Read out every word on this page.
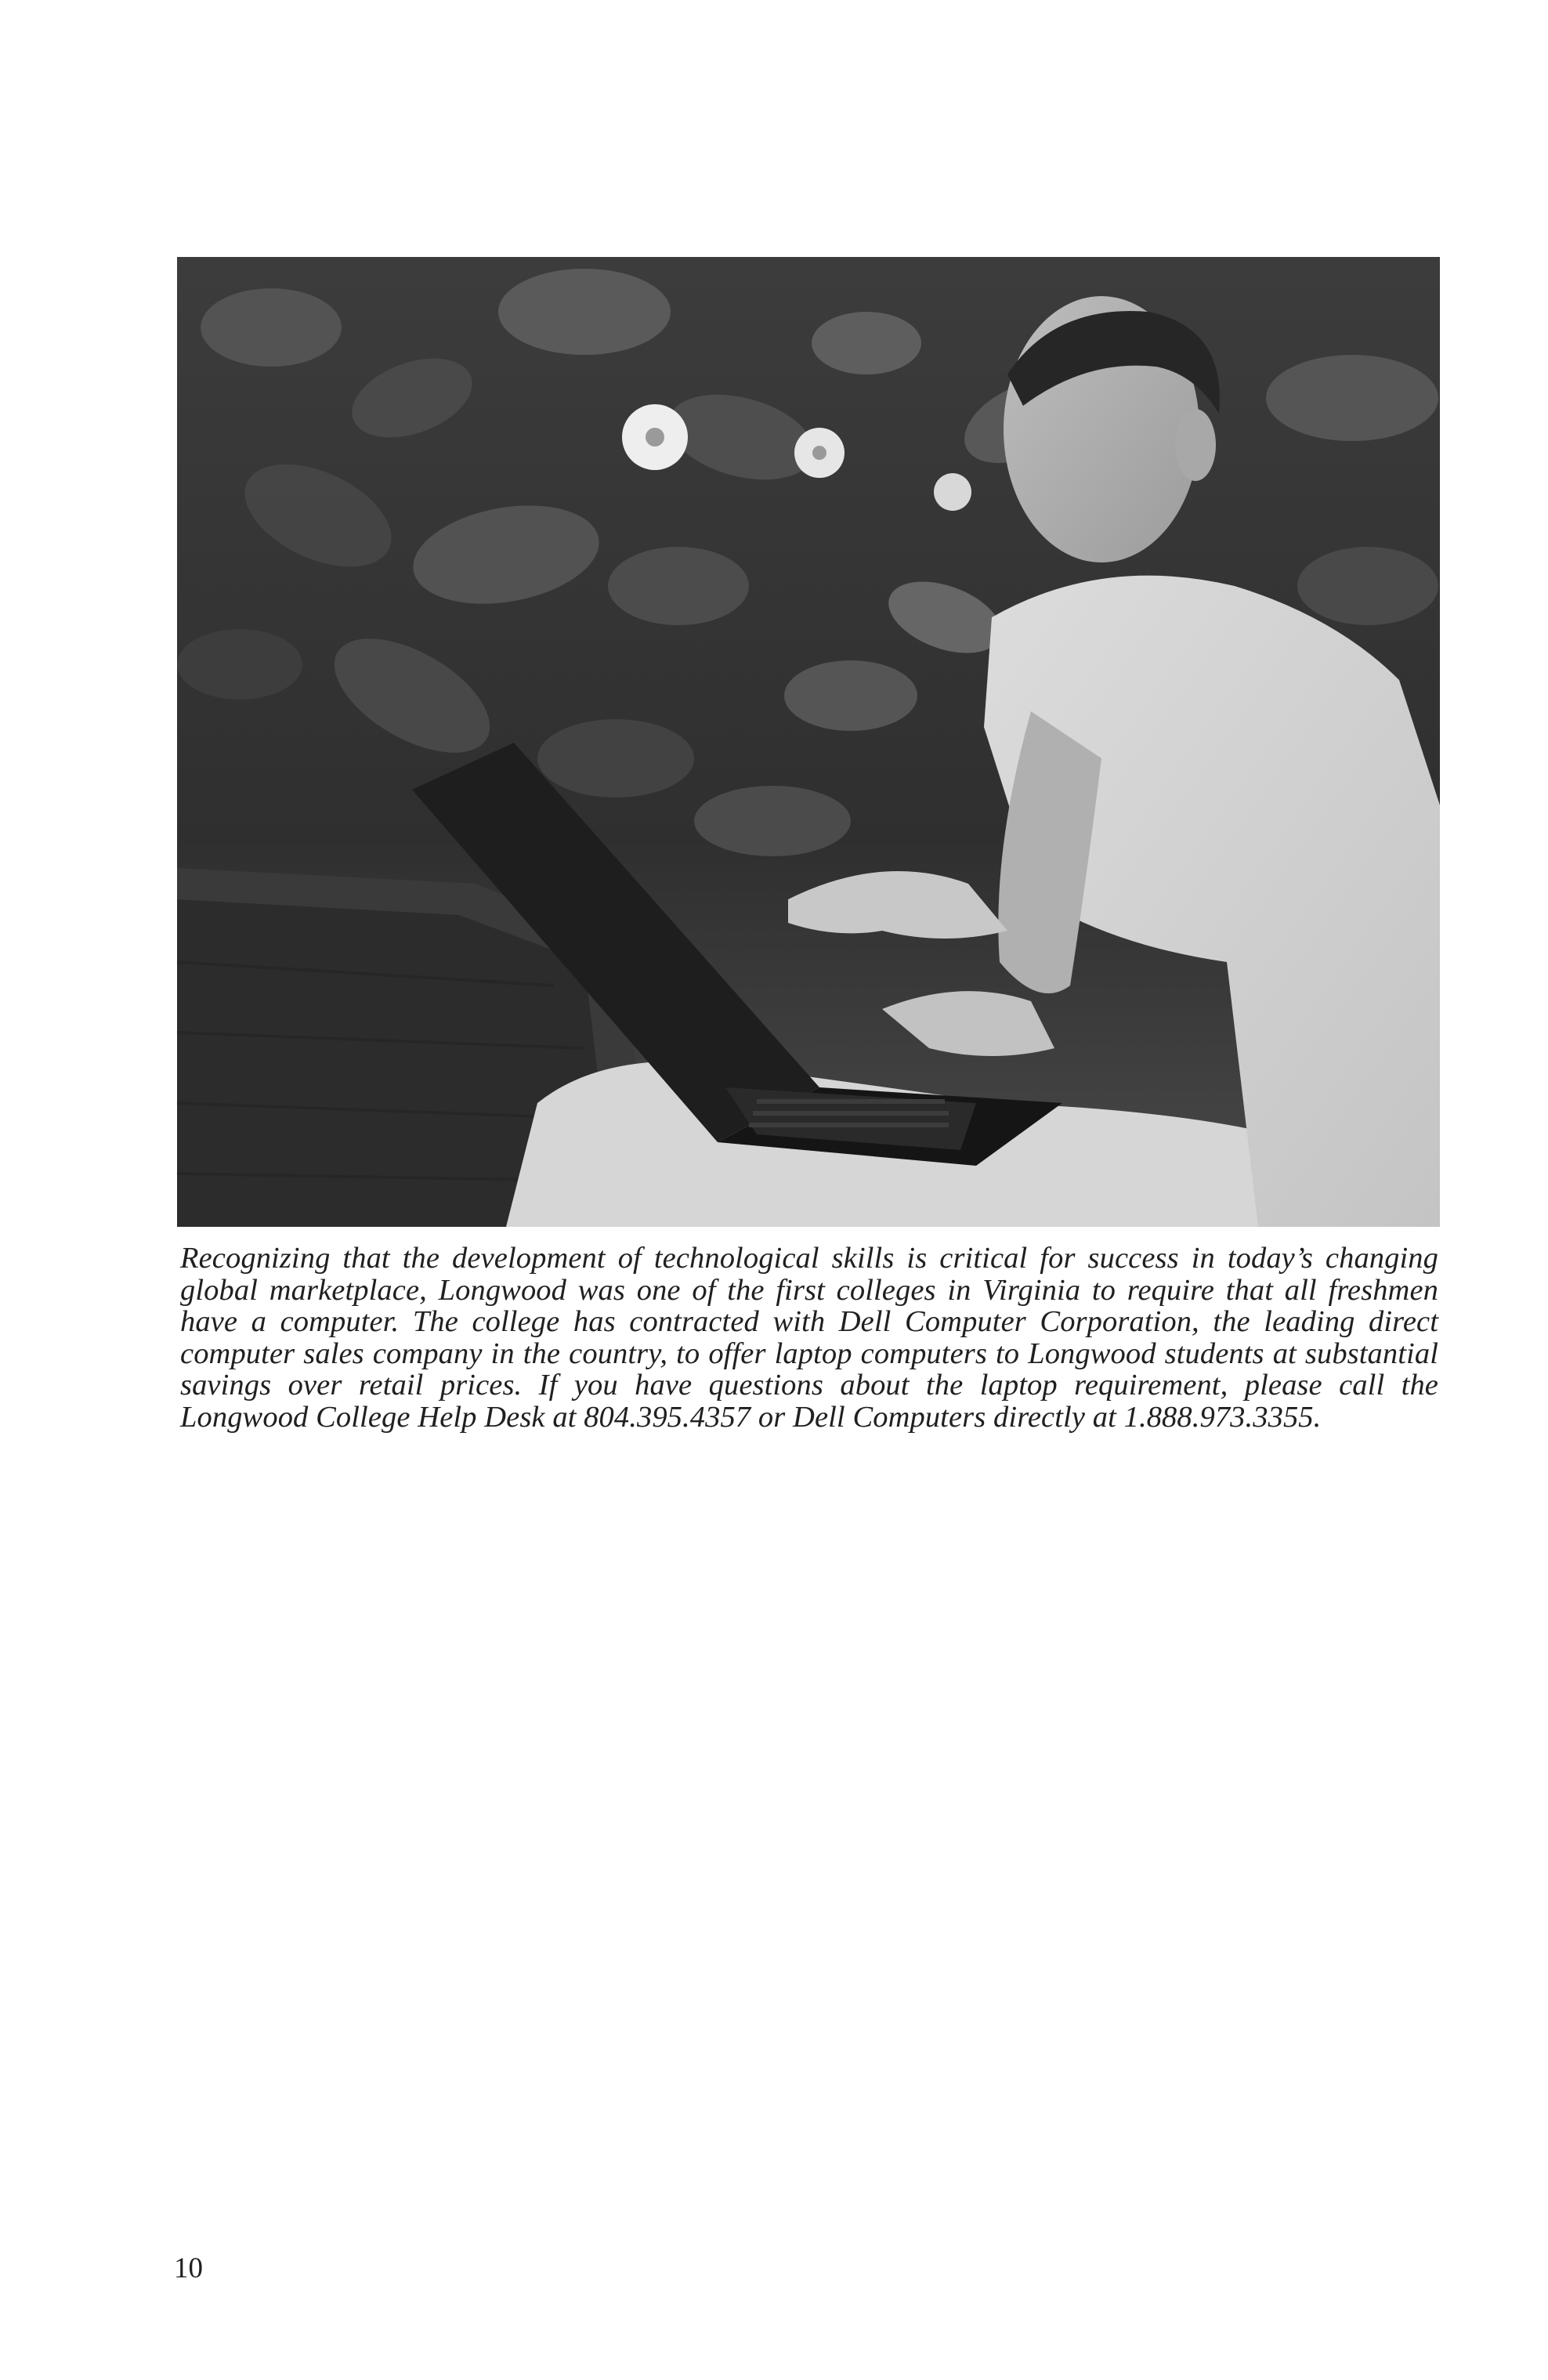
Recognizing that the development of technological skills is critical for success in today’s changing global marketplace, Longwood was one of the first colleges in Virginia to require that all freshmen have a computer. The college has contracted with Dell Computer Corporation, the leading direct computer sales company in the country, to offer laptop computers to Longwood students at substantial savings over retail prices. If you have questions about the laptop requirement, please call the Longwood College Help Desk at 804.395.4357 or Dell Computers directly at 1.888.973.3355.

10
